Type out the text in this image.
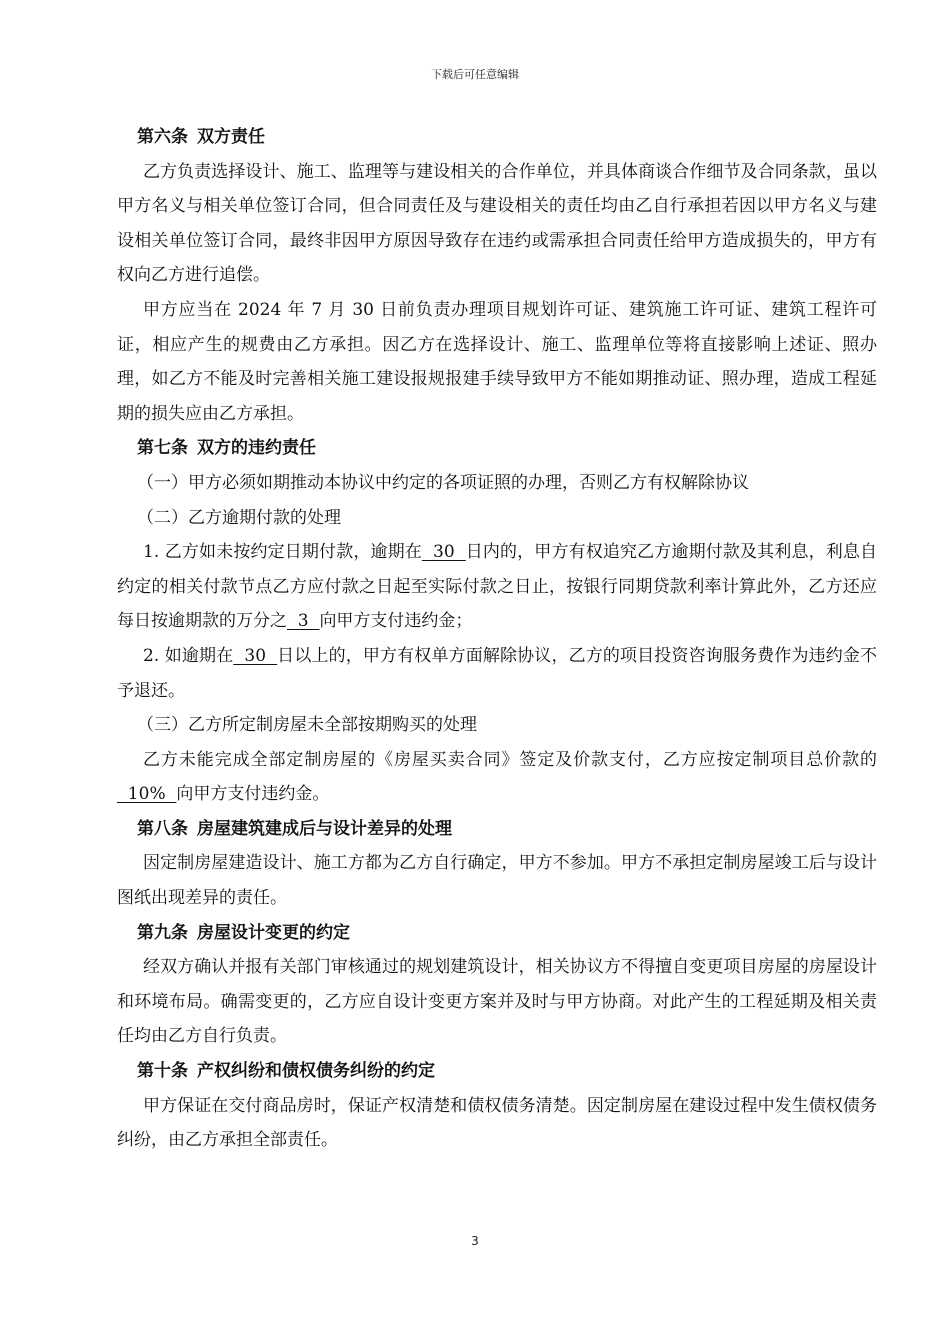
下载后可任意编辑
第六条 双方责任
乙方负责选择设计、施工、监理等与建设相关的合作单位，并具体商谈合作细节及合同条款，虽以甲方名义与相关单位签订合同，但合同责任及与建设相关的责任均由乙自行承担若因以甲方名义与建设相关单位签订合同，最终非因甲方原因导致存在违约或需承担合同责任给甲方造成损失的，甲方有权向乙方进行追偿。
甲方应当在 2024 年 7 月 30 日前负责办理项目规划许可证、建筑施工许可证、建筑工程许可证，相应产生的规费由乙方承担。因乙方在选择设计、施工、监理单位等将直接影响上述证、照办理，如乙方不能及时完善相关施工建设报规报建手续导致甲方不能如期推动证、照办理，造成工程延期的损失应由乙方承担。
第七条 双方的违约责任
（一）甲方必须如期推动本协议中约定的各项证照的办理，否则乙方有权解除协议
（二）乙方逾期付款的处理
1. 乙方如未按约定日期付款，逾期在  30  日内的，甲方有权追究乙方逾期付款及其利息，利息自约定的相关付款节点乙方应付款之日起至实际付款之日止，按银行同期贷款利率计算此外，乙方还应每日按逾期款的万分之  3  向甲方支付违约金；
2. 如逾期在  30  日以上的，甲方有权单方面解除协议，乙方的项目投资咨询服务费作为违约金不予退还。
（三）乙方所定制房屋未全部按期购买的处理
乙方未能完成全部定制房屋的《房屋买卖合同》签定及价款支付，乙方应按定制项目总价款的  10%  向甲方支付违约金。
第八条 房屋建筑建成后与设计差异的处理
因定制房屋建造设计、施工方都为乙方自行确定，甲方不参加。甲方不承担定制房屋竣工后与设计图纸出现差异的责任。
第九条 房屋设计变更的约定
经双方确认并报有关部门审核通过的规划建筑设计，相关协议方不得擅自变更项目房屋的房屋设计和环境布局。确需变更的，乙方应自设计变更方案并及时与甲方协商。对此产生的工程延期及相关责任均由乙方自行负责。
第十条 产权纠纷和债权债务纠纷的约定
甲方保证在交付商品房时，保证产权清楚和债权债务清楚。因定制房屋在建设过程中发生债权债务纠纷，由乙方承担全部责任。
3
